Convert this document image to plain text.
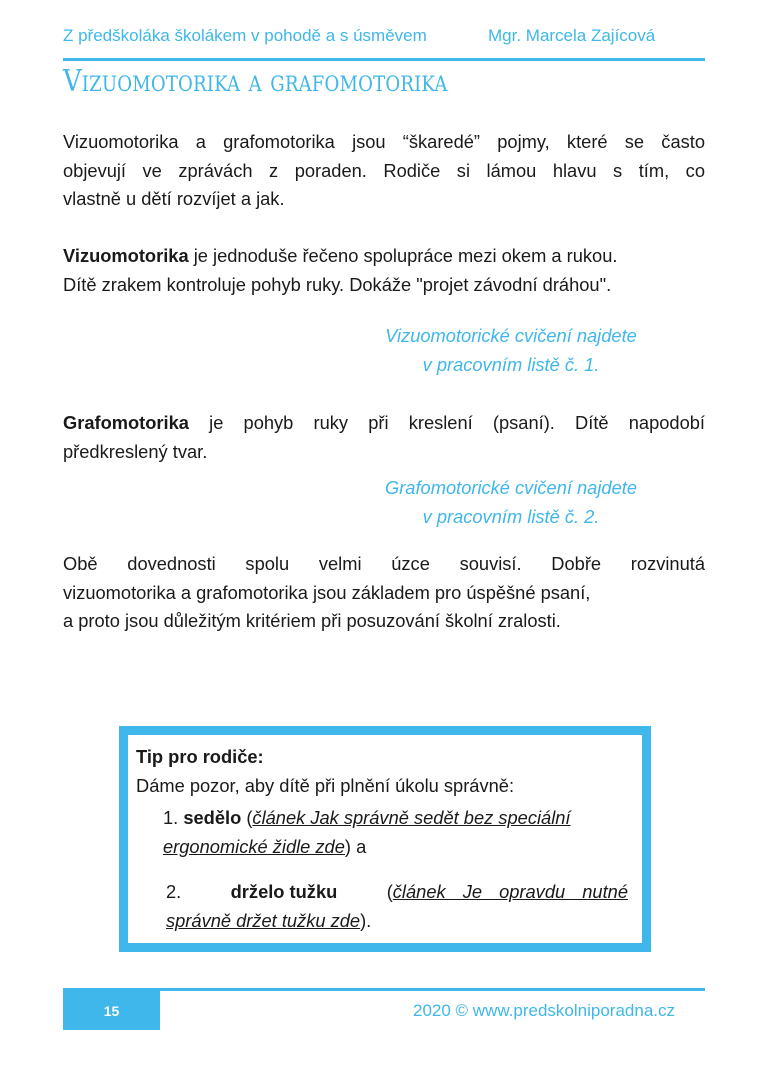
Z předškoláka školákem v pohodě a s úsměvem	Mgr. Marcela Zajícová
Vizuomotorika a grafomotorika
Vizuomotorika a grafomotorika jsou “škaredé” pojmy, které se často
objevují ve zprávách z poraden. Rodiče si lámou hlavu s tím, co
vlastně u dětí rozvíjet a jak.
Vizuomotorika je jednoduše řečeno spolupráce mezi okem a rukou.
Dítě zrakem kontroluje pohyb ruky. Dokáže "projet závodní dráhou".
Vizuomotorické cvičení najdete
v pracovním listě č. 1.
Grafomotorika je pohyb ruky při kreslení (psaní). Dítě napodobí
předkreslený tvar.
Grafomotorické cvičení najdete
v pracovním listě č. 2.
Obě dovednosti spolu velmi úzce souvisí. Dobře rozvinutá
vizuomotorika a grafomotorika jsou základem pro úspěšné psaní,
a proto jsou důležitým kritériem při posuzování školní zralosti.
Tip pro rodiče:
Dáme pozor, aby dítě při plnění úkolu správně:
1. sedělo (článek Jak správně sedět bez speciální
ergonomické židle zde) a
2.	drželo tužku	( článek Je opravdu nutné
správně držet tužku zde).
15	2020 © www.predskolniporadna.cz
